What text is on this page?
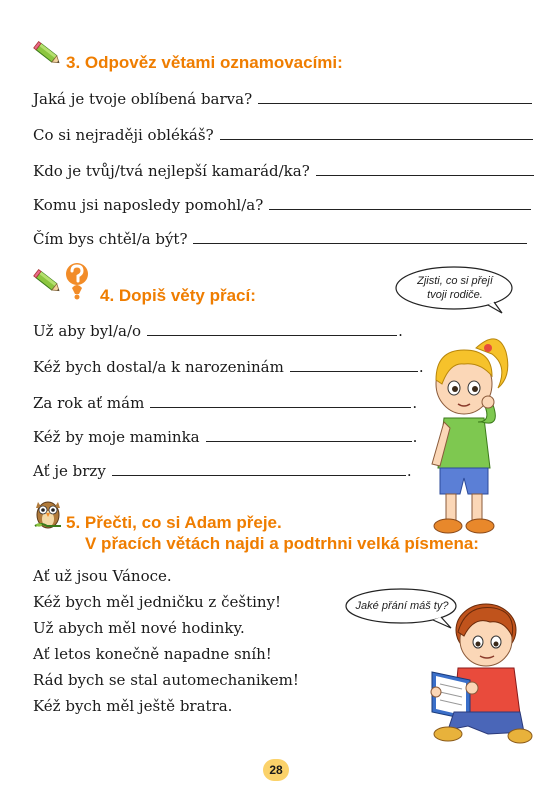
3. Odpověz větami oznamovacími:
Jaká je tvoje oblíbená barva?
Co si nejraději oblékáš?
Kdo je tvůj/tvá nejlepší kamarád/ka?
Komu jsi naposledy pomohl/a?
Čím bys chtěl/a být?
4. Dopiš věty přací:
Zjisti, co si přejí
tvoji rodiče.
Už aby byl/a/o	.
Kéž bych dostal/a k narozeninám	.
Za rok ať mám	.
Kéž by moje maminka	.
Ať je brzy	.
5. Přečti, co si Adam přeje.
V přacích větách najdi a podtrhni velká písmena:
Ať už jsou Vánoce.
Kéž bych měl jedničku z češtiny!
Už abych měl nové hodinky.
Ať letos konečně napadne sníh!
Rád bych se stal automechanikem!
Kéž bych měl ještě bratra.
Jaké přání máš ty?
28
